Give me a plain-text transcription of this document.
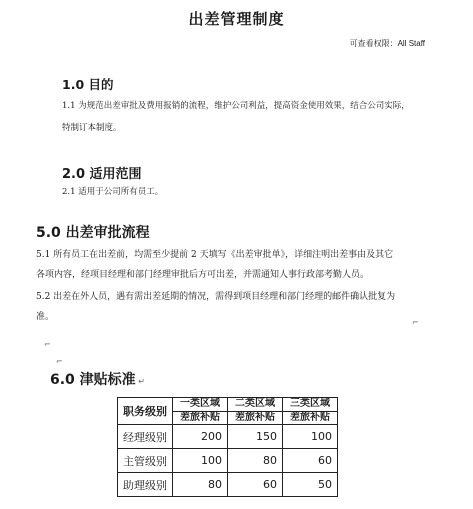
出差管理制度
可查看权限：All Staff
1.0 目的
1.1 为规范出差审批及费用报销的流程，维护公司利益，提高资金使用效果，结合公司实际，
特制订本制度。
2.0 适用范围
2.1 适用于公司所有员工。
5.0 出差审批流程
5.1 所有员工在出差前，均需至少提前 2 天填写《出差审批单》，详细注明出差事由及其它
各项内容，经项目经理和部门经理审批后方可出差，并需通知人事行政部考勤人员。
5.2 出差在外人员，遇有需出差延期的情况，需得到项目经理和部门经理的邮件确认批复为
准。
⌐
⌐
⌐
6.0 津贴标准 ↵
职务级别	一类区域	二类区域	三类区域
	差旅补贴	差旅补贴	差旅补贴
经理级别	200	150	100
主管级别	100	80	60
助理级别	80	60	50
